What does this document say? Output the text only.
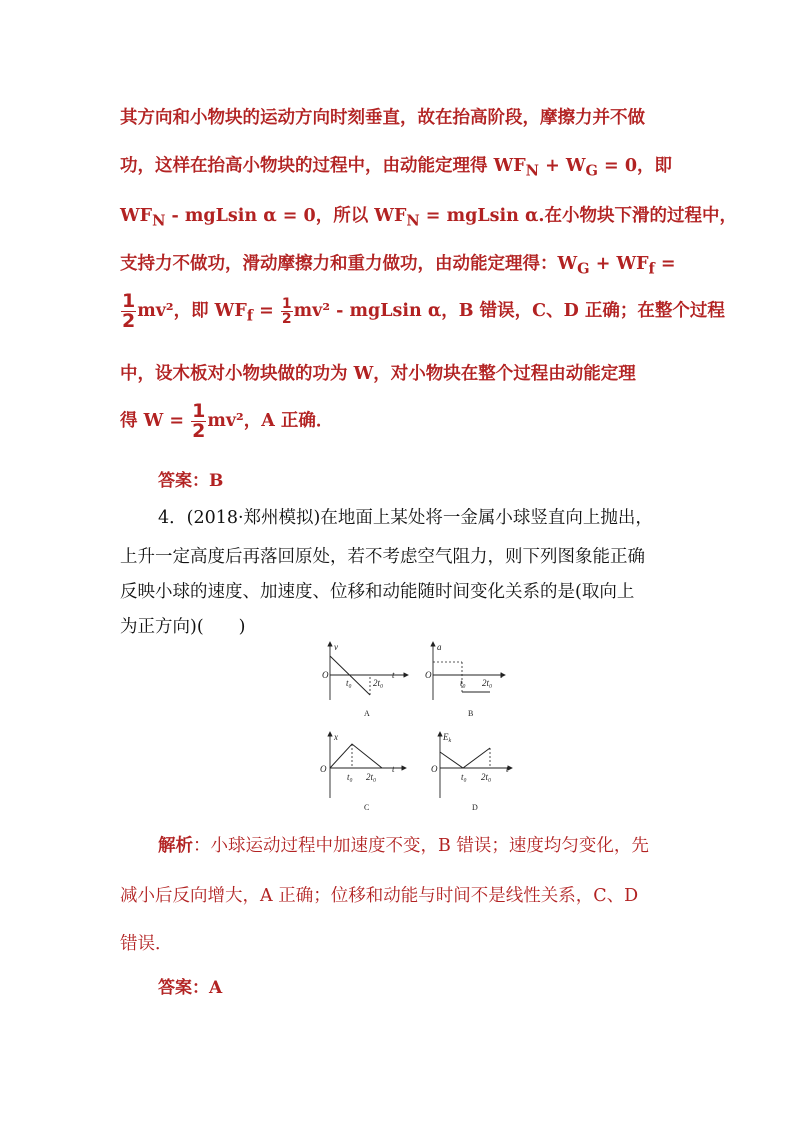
其方向和小物块的运动方向时刻垂直，故在抬高阶段，摩擦力并不做
功，这样在抬高小物块的过程中，由动能定理得 $WF_N + W_G = 0$，即
$WF_N$ - mgLsin α = 0，所以 $WF_N = mgLsin$ α.在小物块下滑的过程中，
支持力不做功，滑动摩擦力和重力做功，由动能定理得：$W_G + WF_f$ =
$\frac{1}{2} mv^2$，即 $WF_f = \frac{1}{2} mv^2 - mgLsin$ α，B 错误，C、D 正确；在整个过程
中，设木板对小物块做的功为 W，对小物块在整个过程由动能定理
得 $W = \frac{1}{2} mv^2$，A 正确．
答案：B
4．(2018·郑州模拟)在地面上某处将一金属小球竖直向上抛出，
上升一定高度后再落回原处，若不考虑空气阻力，则下列图象能正确
反映小球的速度、加速度、位移和动能随时间变化关系的是(取向上
为正方向)(　　)
v
O
t₀ 2t₀
t
A
a
O
t₀ 2t₀
t
B
x
O
t₀ 2t₀
t
C
$E_k$
O
t₀ 2t₀
t
D
解析：小球运动过程中加速度不变，B 错误；速度均匀变化，先
减小后反向增大，A 正确；位移和动能与时间不是线性关系，C、D
错误．
答案：A
